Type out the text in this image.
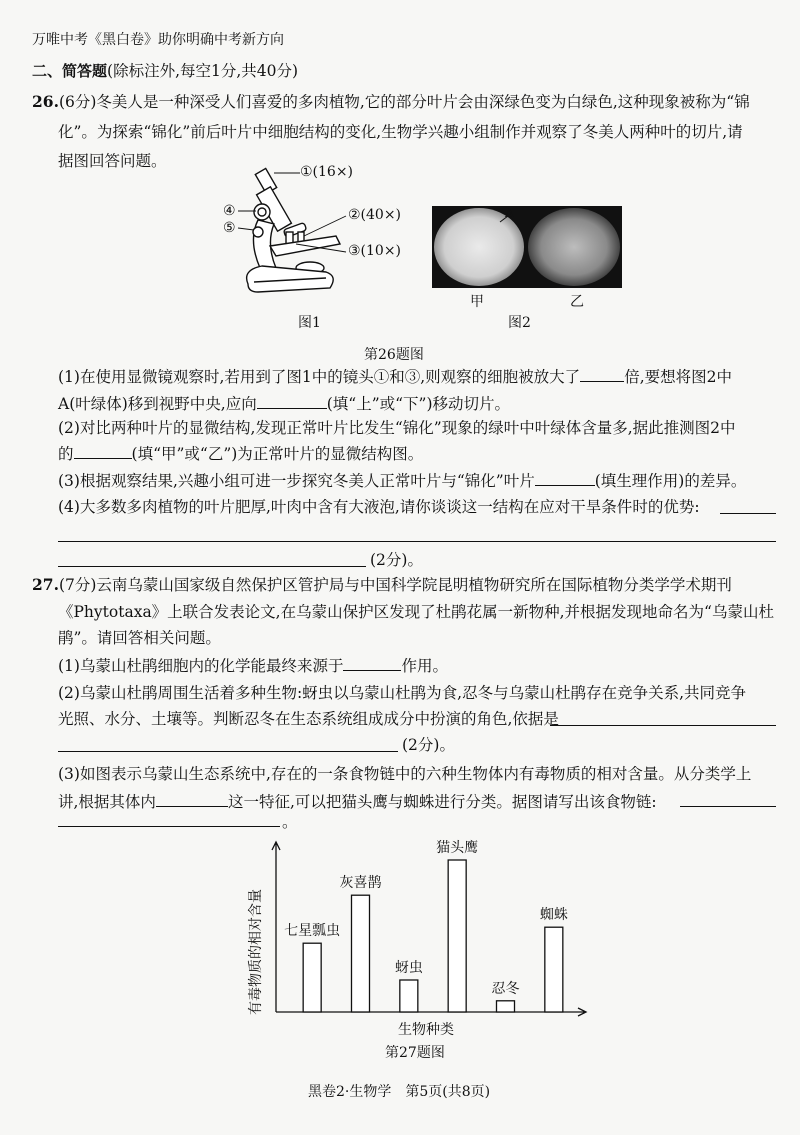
万唯中考《黑白卷》助你明确中考新方向
二、简答题(除标注外,每空1分,共40分)
26.(6分)冬美人是一种深受人们喜爱的多肉植物,它的部分叶片会由深绿色变为白绿色,这种现象被称为“锦
化”。为探索“锦化”前后叶片中细胞结构的变化,生物学兴趣小组制作并观察了冬美人两种叶的切片,请
据图回答问题。
①(16×)
④
⑤
②(40×)
③(10×)
图1
A
甲	乙
图2
第26题图
(1)在使用显微镜观察时,若用到了图1中的镜头①和③,则观察的细胞被放大了	倍,要想将图2中
A(叶绿体)移到视野中央,应向	(填“上”或“下”)移动切片。
(2)对比两种叶片的显微结构,发现正常叶片比发生“锦化”现象的绿叶中叶绿体含量多,据此推测图2中
的	(填“甲”或“乙”)为正常叶片的显微结构图。
(3)根据观察结果,兴趣小组可进一步探究冬美人正常叶片与“锦化”叶片	(填生理作用)的差异。
(4)大多数多肉植物的叶片肥厚,叶肉中含有大液泡,请你谈谈这一结构在应对干旱条件时的优势:
(2分)。
27.(7分)云南乌蒙山国家级自然保护区管护局与中国科学院昆明植物研究所在国际植物分类学学术期刊
《Phytotaxa》上联合发表论文,在乌蒙山保护区发现了杜鹃花属一新物种,并根据发现地命名为“乌蒙山杜
鹃”。请回答相关问题。
(1)乌蒙山杜鹃细胞内的化学能最终来源于	作用。
(2)乌蒙山杜鹃周围生活着多种生物:蚜虫以乌蒙山杜鹃为食,忍冬与乌蒙山杜鹃存在竞争关系,共同竞争
光照、水分、土壤等。判断忍冬在生态系统组成成分中扮演的角色,依据是
(2分)。
(3)如图表示乌蒙山生态系统中,存在的一条食物链中的六种生物体内有毒物质的相对含量。从分类学上
讲,根据其体内	这一特征,可以把猫头鹰与蜘蛛进行分类。据图请写出该食物链:
。
七星瓢虫
灰喜鹊
蚜虫
猫头鹰
忍冬
蜘蛛
有毒物质的相对含量
生物种类
第27题图
黑卷2·生物学　第5页(共8页)
